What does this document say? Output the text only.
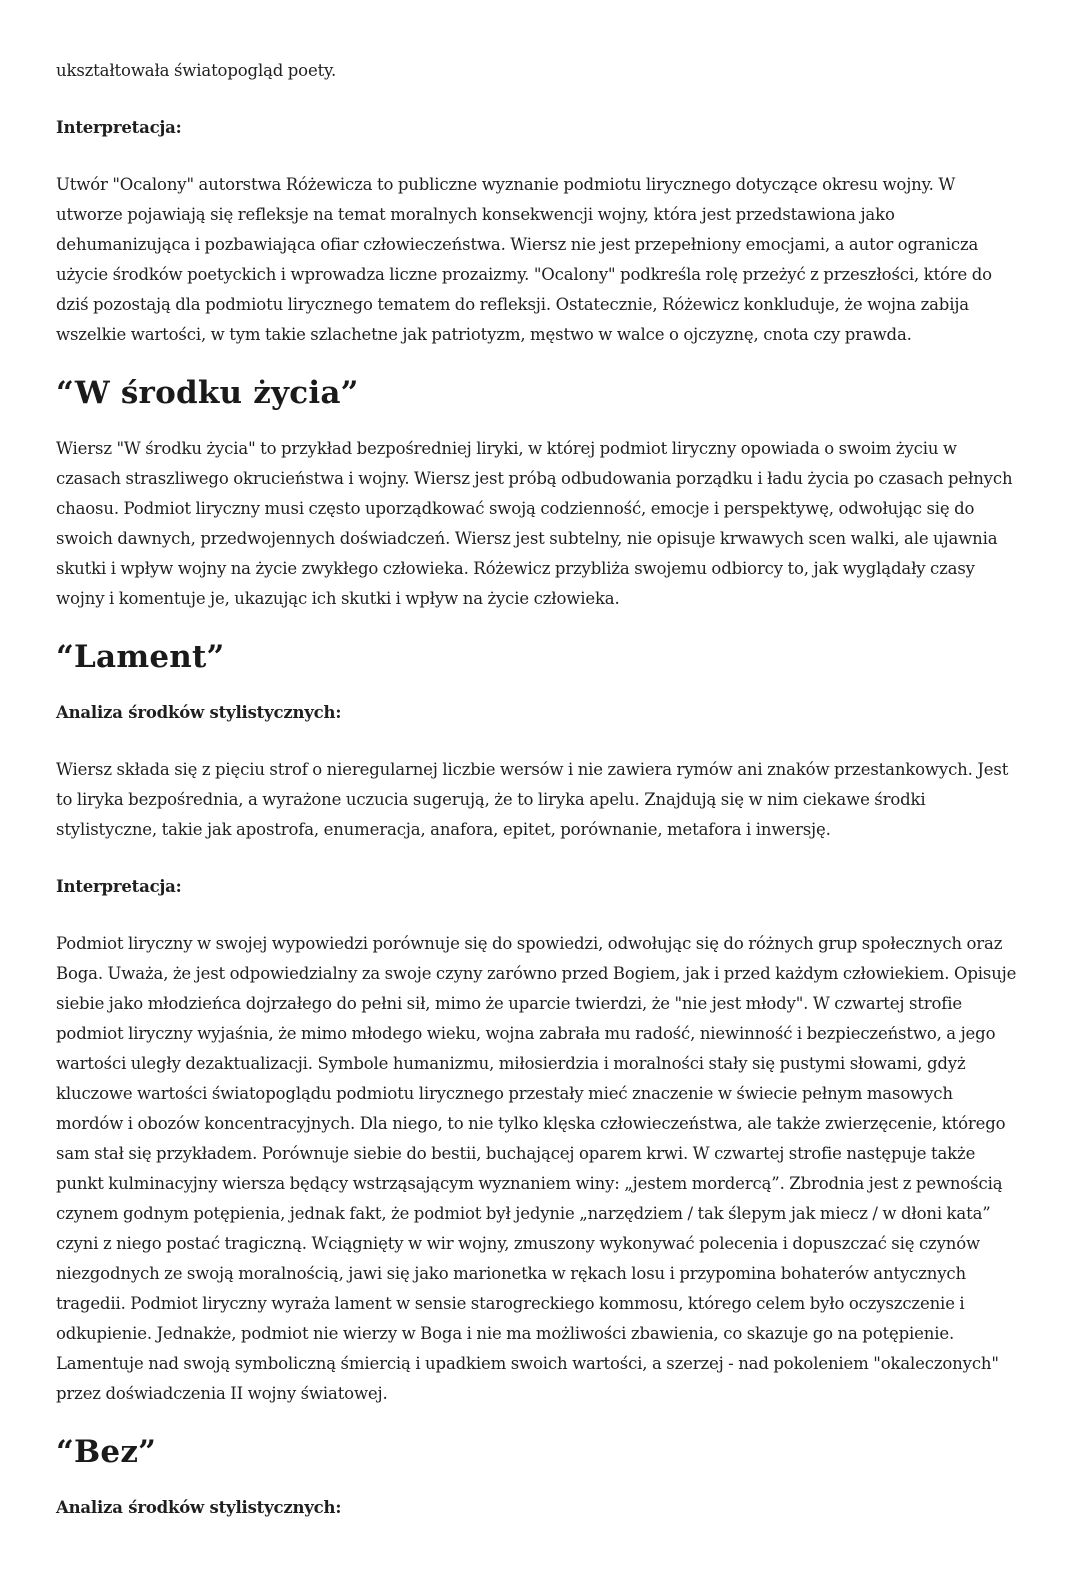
ukształtowała światopogląd poety.

Interpretacja:

Utwór "Ocalony" autorstwa Różewicza to publiczne wyznanie podmiotu lirycznego dotyczące okresu wojny. W utworze pojawiają się refleksje na temat moralnych konsekwencji wojny, która jest przedstawiona jako dehumanizująca i pozbawiająca ofiar człowieczeństwa. Wiersz nie jest przepełniony emocjami, a autor ogranicza użycie środków poetyckich i wprowadza liczne prozaizmy. "Ocalony" podkreśla rolę przeżyć z przeszłości, które do dziś pozostają dla podmiotu lirycznego tematem do refleksji. Ostatecznie, Różewicz konkluduje, że wojna zabija wszelkie wartości, w tym takie szlachetne jak patriotyzm, męstwo w walce o ojczyznę, cnota czy prawda.

“W środku życia”

Wiersz "W środku życia" to przykład bezpośredniej liryki, w której podmiot liryczny opowiada o swoim życiu w czasach straszliwego okrucieństwa i wojny. Wiersz jest próbą odbudowania porządku i ładu życia po czasach pełnych chaosu. Podmiot liryczny musi często uporządkować swoją codzienność, emocje i perspektywę, odwołując się do swoich dawnych, przedwojennych doświadczeń. Wiersz jest subtelny, nie opisuje krwawych scen walki, ale ujawnia skutki i wpływ wojny na życie zwykłego człowieka. Różewicz przybliża swojemu odbiorcy to, jak wyglądały czasy wojny i komentuje je, ukazując ich skutki i wpływ na życie człowieka.

“Lament”

Analiza środków stylistycznych:

Wiersz składa się z pięciu strof o nieregularnej liczbie wersów i nie zawiera rymów ani znaków przestankowych. Jest to liryka bezpośrednia, a wyrażone uczucia sugerują, że to liryka apelu. Znajdują się w nim ciekawe środki stylistyczne, takie jak apostrofa, enumeracja, anafora, epitet, porównanie, metafora i inwersję.

Interpretacja:

Podmiot liryczny w swojej wypowiedzi porównuje się do spowiedzi, odwołując się do różnych grup społecznych oraz Boga. Uważa, że jest odpowiedzialny za swoje czyny zarówno przed Bogiem, jak i przed każdym człowiekiem. Opisuje siebie jako młodzieńca dojrzałego do pełni sił, mimo że uparcie twierdzi, że "nie jest młody". W czwartej strofie podmiot liryczny wyjaśnia, że mimo młodego wieku, wojna zabrała mu radość, niewinność i bezpieczeństwo, a jego wartości uległy dezaktualizacji. Symbole humanizmu, miłosierdzia i moralności stały się pustymi słowami, gdyż kluczowe wartości światopoglądu podmiotu lirycznego przestały mieć znaczenie w świecie pełnym masowych mordów i obozów koncentracyjnych. Dla niego, to nie tylko klęska człowieczeństwa, ale także zwierzęcenie, którego sam stał się przykładem. Porównuje siebie do bestii, buchającej oparem krwi. W czwartej strofie następuje także punkt kulminacyjny wiersza będący wstrząsającym wyznaniem winy: „jestem mordercą”. Zbrodnia jest z pewnością czynem godnym potępienia, jednak fakt, że podmiot był jedynie „narzędziem / tak ślepym jak miecz / w dłoni kata” czyni z niego postać tragiczną. Wciągnięty w wir wojny, zmuszony wykonywać polecenia i dopuszczać się czynów niezgodnych ze swoją moralnością, jawi się jako marionetka w rękach losu i przypomina bohaterów antycznych tragedii. Podmiot liryczny wyraża lament w sensie starogreckiego kommosu, którego celem było oczyszczenie i odkupienie. Jednakże, podmiot nie wierzy w Boga i nie ma możliwości zbawienia, co skazuje go na potępienie. Lamentuje nad swoją symboliczną śmiercią i upadkiem swoich wartości, a szerzej - nad pokoleniem "okaleczonych" przez doświadczenia II wojny światowej.

“Bez”

Analiza środków stylistycznych:
